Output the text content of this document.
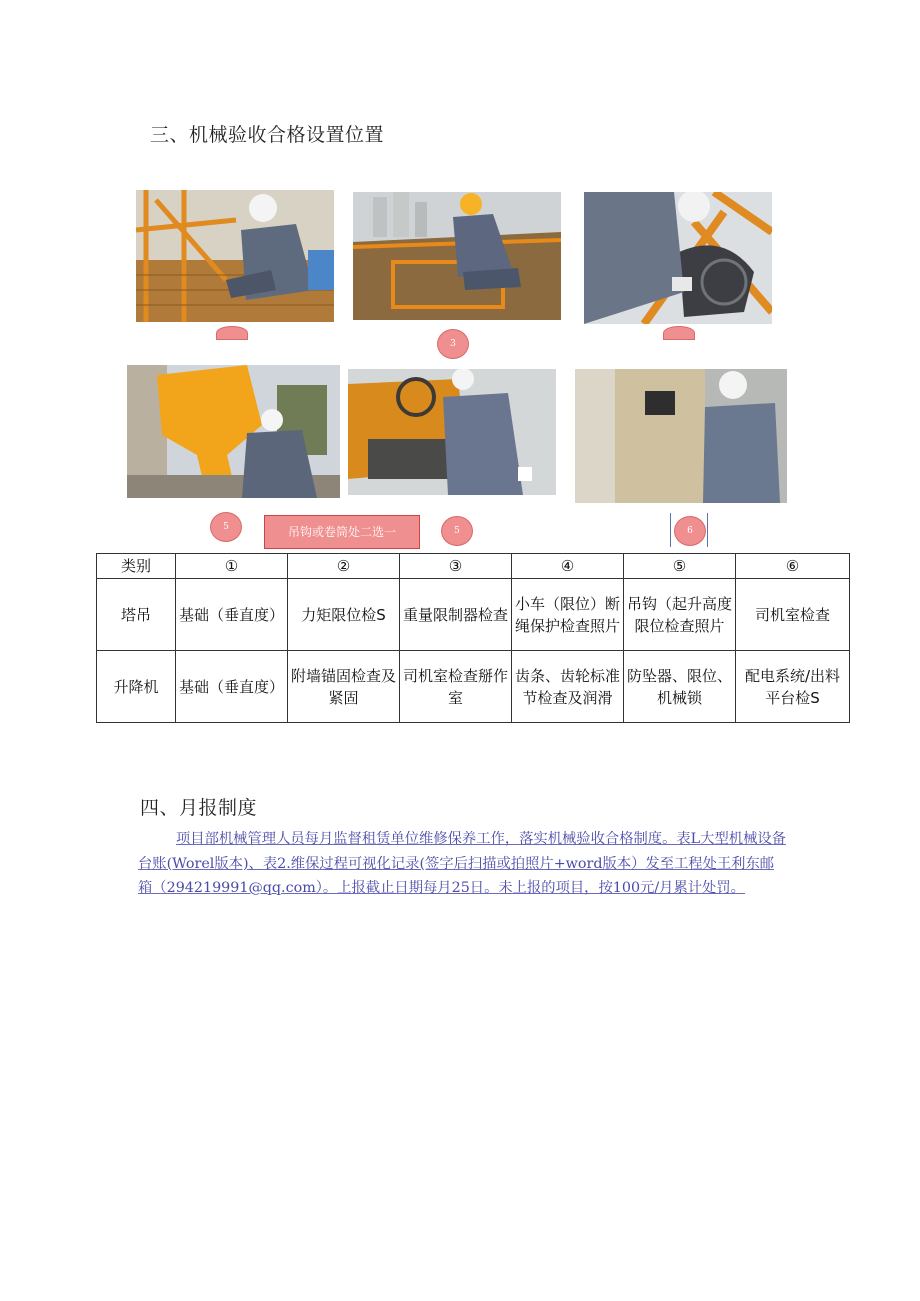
三、机械验收合格设置位置
3
5	吊钩或卷筒处二选一	5	6
类别	①	②	③	④	⑤	⑥
塔吊	基础（垂直度）	力矩限位检S	重量限制器检查	小车（限位）断绳保护检查照片	吊钩（起升高度限位检查照片	司机室检查
升降机	基础（垂直度）	附墙锚固检查及紧固	司机室检查掰作室	齿条、齿轮标准节检查及润滑	防坠器、限位、机械锁	配电系统/出料平台检S
四、月报制度
项目部机械管理人员每月监督租赁单位维修保养工作，落实机械验收合格制度。表L大型机械设备台账(Worel版本)、表2.维保过程可视化记录(签字后扫描或拍照片+word版本）发至工程处王利东邮箱（294219991@qq.com）。上报截止日期每月25日。未上报的项目，按100元/月累计处罚。
